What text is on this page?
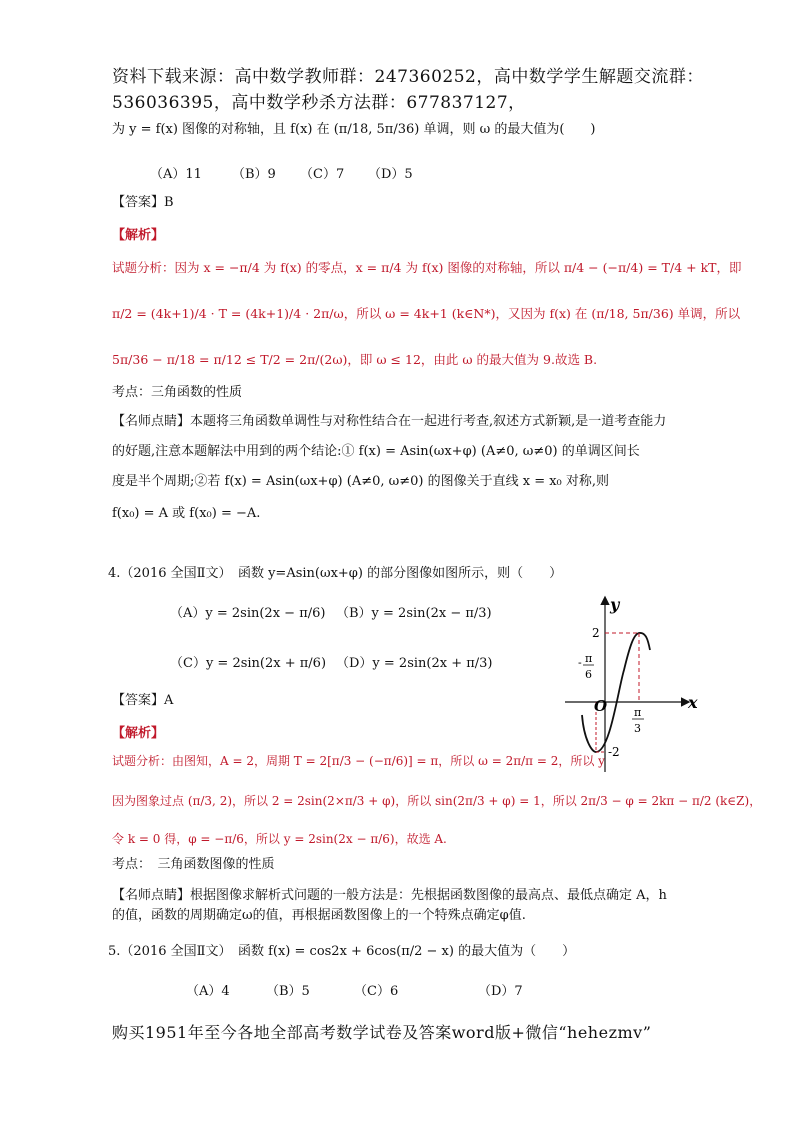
资料下载来源：高中数学教师群：247360252，高中数学学生解题交流群：
536036395，高中数学秒杀方法群：677837127，
为 y = f(x) 图像的对称轴，且 f(x) 在 (π/18, 5π/36) 单调，则 ω 的最大值为(　　)
（A）11 （B）9 （C）7 （D）5
【答案】B
【解析】
试题分析：因为 x = −π/4 为 f(x) 的零点，x = π/4 为 f(x) 图像的对称轴，所以 π/4 − (−π/4) = T/4 + kT，即
π/2 = (4k+1)/4 · T = (4k+1)/4 · 2π/ω，所以 ω = 4k+1 (k∈N*)，又因为 f(x) 在 (π/18, 5π/36) 单调，所以
5π/36 − π/18 = π/12 ≤ T/2 = 2π/(2ω)，即 ω ≤ 12，由此 ω 的最大值为 9.故选 B.
考点：三角函数的性质
【名师点睛】本题将三角函数单调性与对称性结合在一起进行考查,叙述方式新颖,是一道考查能力
的好题,注意本题解法中用到的两个结论:① f(x) = Asin(ωx+φ) (A≠0, ω≠0) 的单调区间长
度是半个周期;②若 f(x) = Asin(ωx+φ) (A≠0, ω≠0) 的图像关于直线 x = x₀ 对称,则
f(x₀) = A 或 f(x₀) = −A.
4.（2016 全国Ⅱ文）　函数 y=Asin(ωx+φ) 的部分图像如图所示，则（　　）
（A）y = 2sin(2x − π/6) （B）y = 2sin(2x − π/3)
（C）y = 2sin(2x + π/6) （D）y = 2sin(2x + π/3)
【答案】A
【解析】
试题分析：由图知，A = 2，周期 T = 2[π/3 − (−π/6)] = π，所以 ω = 2π/π = 2，所以 y
因为图象过点 (π/3, 2)，所以 2 = 2sin(2×π/3 + φ)，所以 sin(2π/3 + φ) = 1，所以 2π/3 − φ = 2kπ − π/2 (k∈Z)，
令 k = 0 得，φ = −π/6，所以 y = 2sin(2x − π/6)，故选 A.
考点：　三角函数图像的性质
【名师点睛】根据图像求解析式问题的一般方法是：先根据函数图像的最高点、最低点确定 A，h
的值，函数的周期确定ω的值，再根据函数图像上的一个特殊点确定φ值.
y
x
O
2
-2
- π
6
π
3
5.（2016 全国Ⅱ文）　函数 f(x) = cos2x + 6cos(π/2 − x) 的最大值为（　　）
（A）4	（B）5	（C）6	（D）7
购买1951年至今各地全部高考数学试卷及答案word版+微信“hehezmv”
